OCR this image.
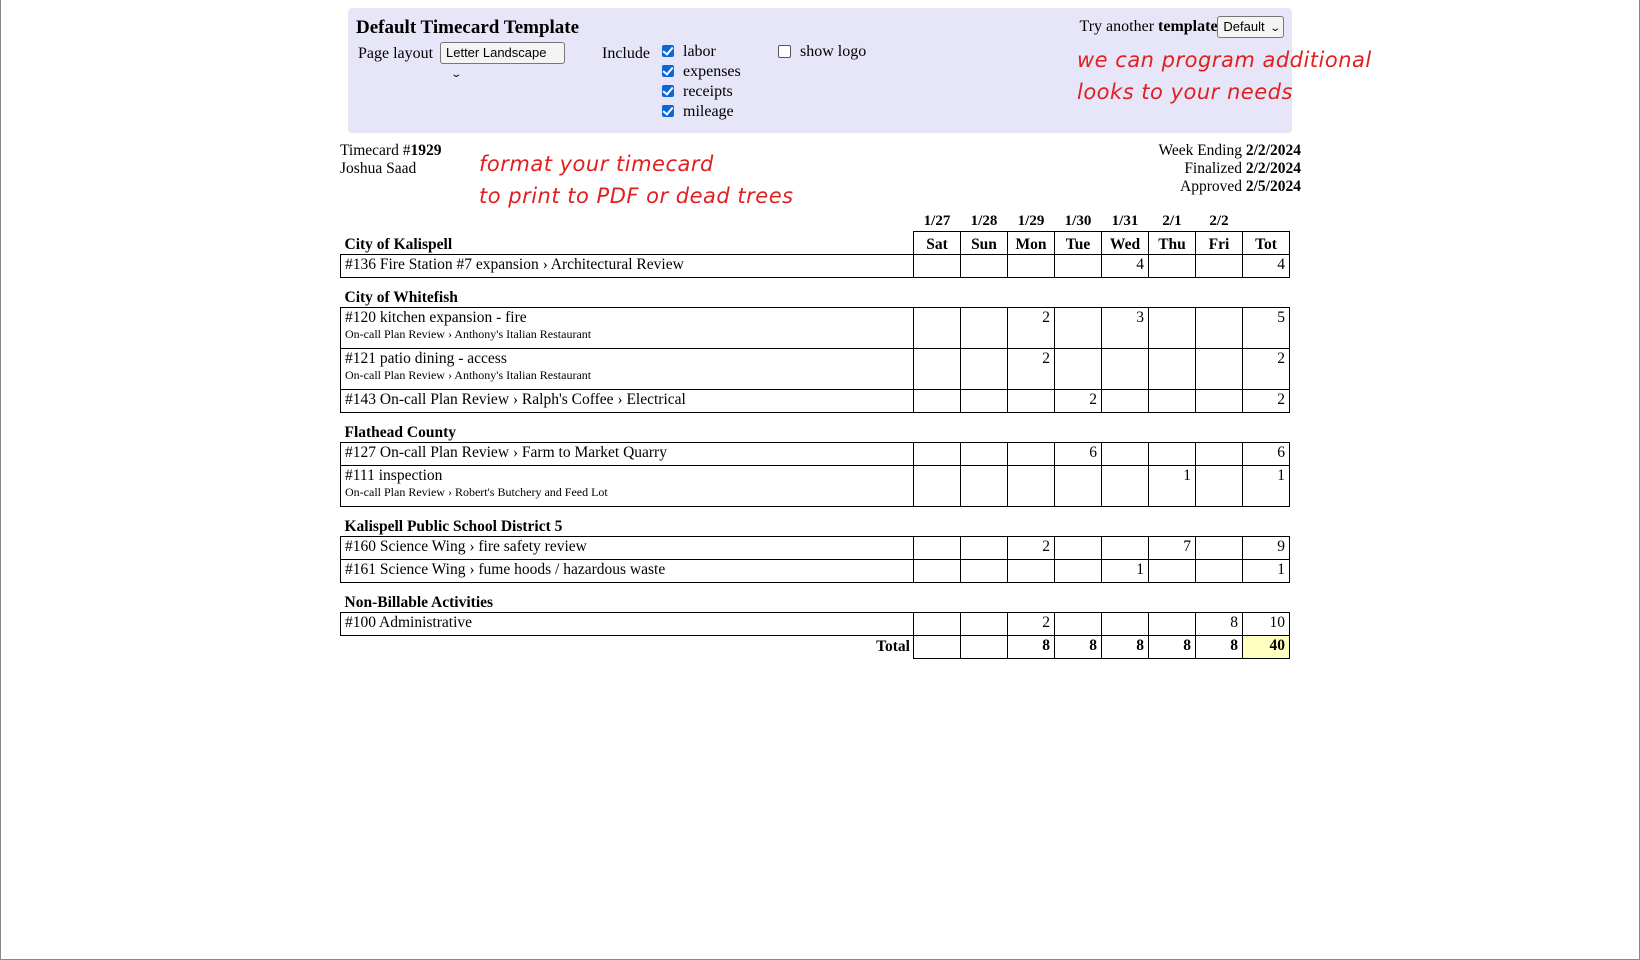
Default Timecard Template	Try another template Default ⌄
Page layout Letter Landscape⌄
Include	labor
expenses
receipts
mileage
show logo	we can program additional
looks to your needs
format your timecard
to print to PDF or dead trees
Timecard #1929
Joshua Saad
Week Ending 2/2/2024
Finalized 2/2/2024
Approved 2/5/2024
	1/27	1/28	1/29	1/30	1/31	2/1	2/2	
City of Kalispell	Sat	Sun	Mon	Tue	Wed	Thu	Fri	Tot
#136 Fire Station #7 expansion › Architectural Review					4			4
City of Whitefish								
#120 kitchen expansion - fire
On-call Plan Review › Anthony's Italian Restaurant			2		3			5
#121 patio dining - access
On-call Plan Review › Anthony's Italian Restaurant			2					2
#143 On-call Plan Review › Ralph's Coffee › Electrical				2				2
Flathead County								
#127 On-call Plan Review › Farm to Market Quarry				6				6
#111 inspection
On-call Plan Review › Robert's Butchery and Feed Lot						1		1
Kalispell Public School District 5								
#160 Science Wing › fire safety review			2			7		9
#161 Science Wing › fume hoods / hazardous waste					1			1
Non-Billable Activities								
#100 Administrative			2				8	10
Total			8	8	8	8	8	40
